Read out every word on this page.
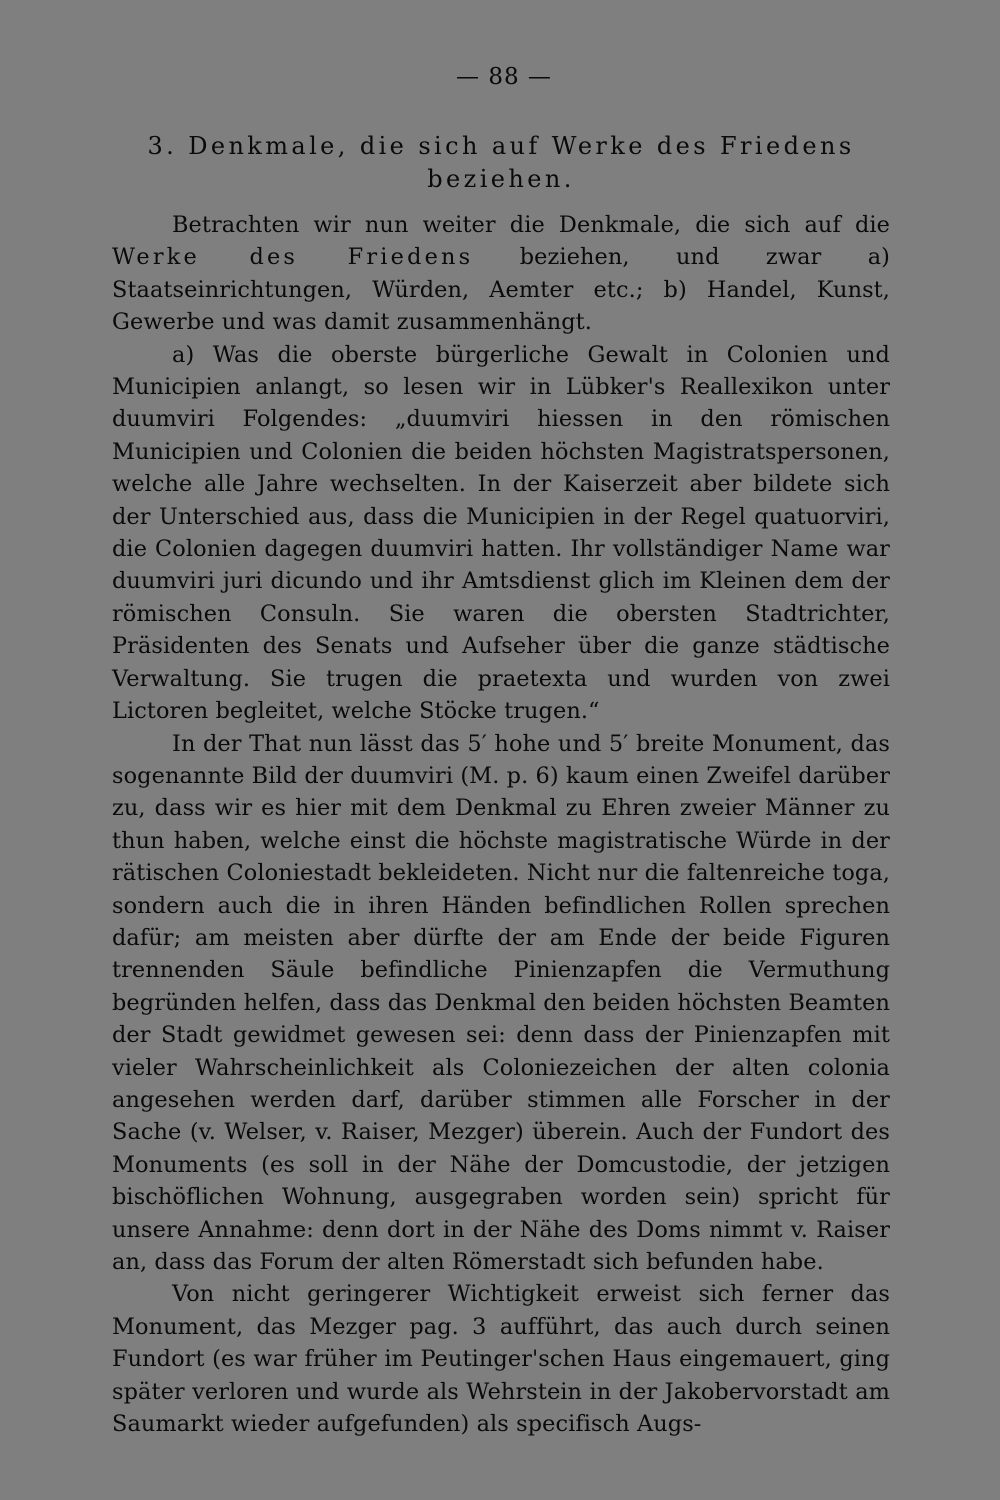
— 88 —
3. Denkmale, die sich auf Werke des Friedens
beziehen.

Betrachten wir nun weiter die Denkmale, die sich auf die Werke des Friedens beziehen, und zwar a) Staatseinrichtungen, Würden, Aemter etc.; b) Handel, Kunst, Gewerbe und was damit zusammenhängt.

a) Was die oberste bürgerliche Gewalt in Colonien und Municipien anlangt, so lesen wir in Lübker's Reallexikon unter duumviri Folgendes: „duumviri hiessen in den römischen Municipien und Colonien die beiden höchsten Magistratspersonen, welche alle Jahre wechselten. In der Kaiserzeit aber bildete sich der Unterschied aus, dass die Municipien in der Regel quatuorviri, die Colonien dagegen duumviri hatten. Ihr vollständiger Name war duumviri juri dicundo und ihr Amtsdienst glich im Kleinen dem der römischen Consuln. Sie waren die obersten Stadtrichter, Präsidenten des Senats und Aufseher über die ganze städtische Verwaltung. Sie trugen die praetexta und wurden von zwei Lictoren begleitet, welche Stöcke trugen.“

In der That nun lässt das 5′ hohe und 5′ breite Monument, das sogenannte Bild der duumviri (M. p. 6) kaum einen Zweifel darüber zu, dass wir es hier mit dem Denkmal zu Ehren zweier Männer zu thun haben, welche einst die höchste magistratische Würde in der rätischen Coloniestadt bekleideten. Nicht nur die faltenreiche toga, sondern auch die in ihren Händen befindlichen Rollen sprechen dafür; am meisten aber dürfte der am Ende der beide Figuren trennenden Säule befindliche Pinienzapfen die Vermuthung begründen helfen, dass das Denkmal den beiden höchsten Beamten der Stadt gewidmet gewesen sei: denn dass der Pinienzapfen mit vieler Wahrscheinlichkeit als Coloniezeichen der alten colonia angesehen werden darf, darüber stimmen alle Forscher in der Sache (v. Welser, v. Raiser, Mezger) überein. Auch der Fundort des Monuments (es soll in der Nähe der Domcustodie, der jetzigen bischöflichen Wohnung, ausgegraben worden sein) spricht für unsere Annahme: denn dort in der Nähe des Doms nimmt v. Raiser an, dass das Forum der alten Römerstadt sich befunden habe.

Von nicht geringerer Wichtigkeit erweist sich ferner das Monument, das Mezger pag. 3 aufführt, das auch durch seinen Fundort (es war früher im Peutinger'schen Haus eingemauert, ging später verloren und wurde als Wehrstein in der Jakobervorstadt am Saumarkt wieder aufgefunden) als specifisch Augs-
